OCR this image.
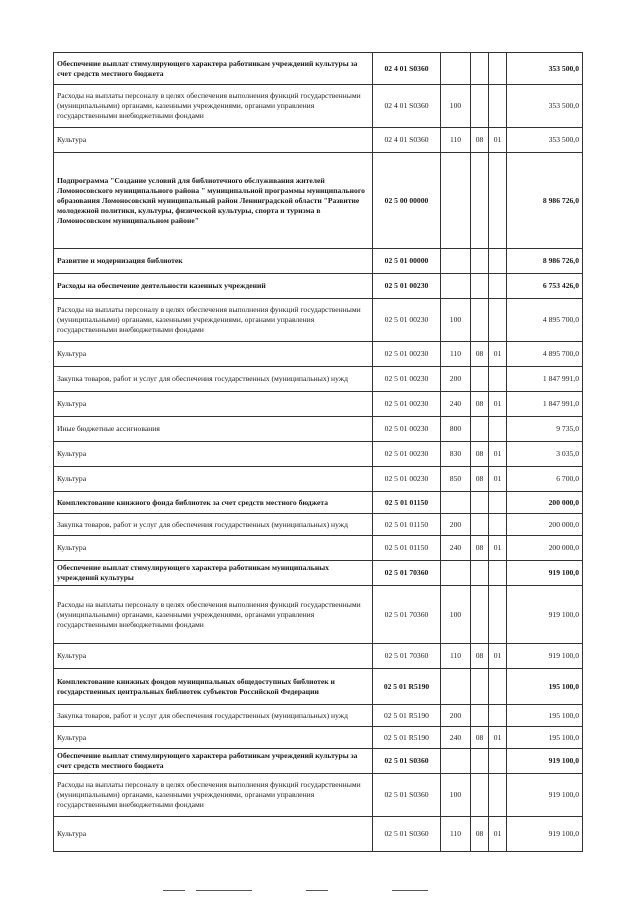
Обеспечение выплат стимулирующего характера работникам учреждений культуры за счет средств местного бюджета	02 4 01 S0360				353 500,0
Расходы на выплаты персоналу в целях обеспечения выполнения функций государственными (муниципальными) органами, казенными учреждениями, органами управления государственными внебюджетными фондами	02 4 01 S0360	100			353 500,0
Культура	02 4 01 S0360	110	08	01	353 500,0
Подпрограмма "Создание условий для библиотечного обслуживания жителей Ломоносовского муниципального района " муниципальной программы муниципального образования Ломоносовский муниципальный район Ленинградской области "Развитие молодежной политики, культуры, физической культуры, спорта и туризма в Ломоносовском муниципальном районе"	02 5 00 00000				8 986 726,0
Развитие и модернизация библиотек	02 5 01 00000				8 986 726,0
Расходы на обеспечение деятельности казенных учреждений	02 5 01 00230				6 753 426,0
Расходы на выплаты персоналу в целях обеспечения выполнения функций государственными (муниципальными) органами, казенными учреждениями, органами управления государственными внебюджетными фондами	02 5 01 00230	100			4 895 700,0
Культура	02 5 01 00230	110	08	01	4 895 700,0
Закупка товаров, работ и услуг для обеспечения государственных (муниципальных) нужд	02 5 01 00230	200			1 847 991,0
Культура	02 5 01 00230	240	08	01	1 847 991,0
Иные бюджетные ассигнования	02 5 01 00230	800			9 735,0
Культура	02 5 01 00230	830	08	01	3 035,0
Культура	02 5 01 00230	850	08	01	6 700,0
Комплектование книжного фонда библиотек за счет средств местного бюджета	02 5 01 01150				200 000,0
Закупка товаров, работ и услуг для обеспечения государственных (муниципальных) нужд	02 5 01 01150	200			200 000,0
Культура	02 5 01 01150	240	08	01	200 000,0
Обеспечение выплат стимулирующего характера работникам муниципальных учреждений культуры	02 5 01 70360				919 100,0
Расходы на выплаты персоналу в целях обеспечения выполнения функций государственными (муниципальными) органами, казенными учреждениями, органами управления государственными внебюджетными фондами	02 5 01 70360	100			919 100,0
Культура	02 5 01 70360	110	08	01	919 100,0
Комплектование книжных фондов муниципальных общедоступных библиотек и государственных центральных библиотек субъектов Российской Федерации	02 5 01 R5190				195 100,0
Закупка товаров, работ и услуг для обеспечения государственных (муниципальных) нужд	02 5 01 R5190	200			195 100,0
Культура	02 5 01 R5190	240	08	01	195 100,0
Обеспечение выплат стимулирующего характера работникам учреждений культуры за счет средств местного бюджета	02 5 01 S0360				919 100,0
Расходы на выплаты персоналу в целях обеспечения выполнения функций государственными (муниципальными) органами, казенными учреждениями, органами управления государственными внебюджетными фондами	02 5 01 S0360	100			919 100,0
Культура	02 5 01 S0360	110	08	01	919 100,0
